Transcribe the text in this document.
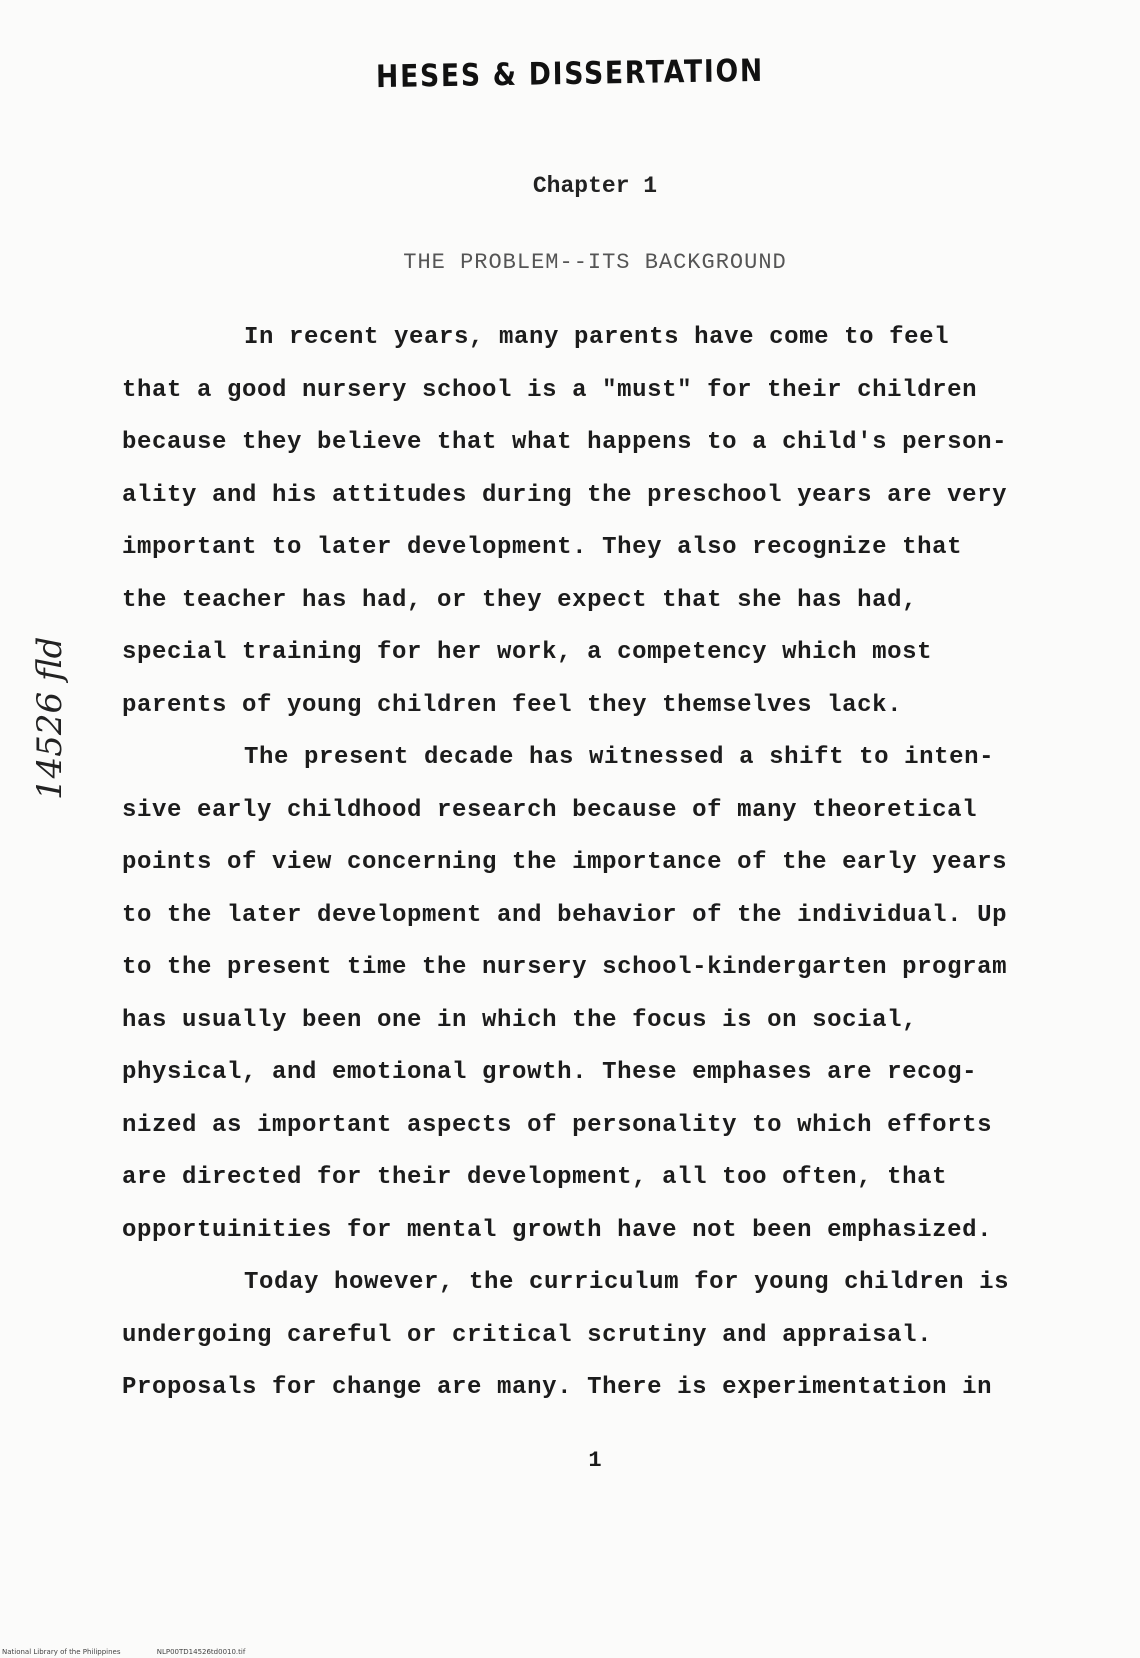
HESES & DISSERTATION
Chapter 1
THE PROBLEM--ITS BACKGROUND
14526 fld
In recent years, many parents have come to feel
that a good nursery school is a "must" for their children
because they believe that what happens to a child's person-
ality and his attitudes during the preschool years are very
important to later development. They also recognize that
the teacher has had, or they expect that she has had,
special training for her work, a competency which most
parents of young children feel they themselves lack.
The present decade has witnessed a shift to inten-
sive early childhood research because of many theoretical
points of view concerning the importance of the early years
to the later development and behavior of the individual. Up
to the present time the nursery school-kindergarten program
has usually been one in which the focus is on social,
physical, and emotional growth. These emphases are recog-
nized as important aspects of personality to which efforts
are directed for their development, all too often, that
opportuinities for mental growth have not been emphasized.
Today however, the curriculum for young children is
undergoing careful or critical scrutiny and appraisal.
Proposals for change are many. There is experimentation in
1
National Library of the Philippines	NLP00TD14526td0010.tif
